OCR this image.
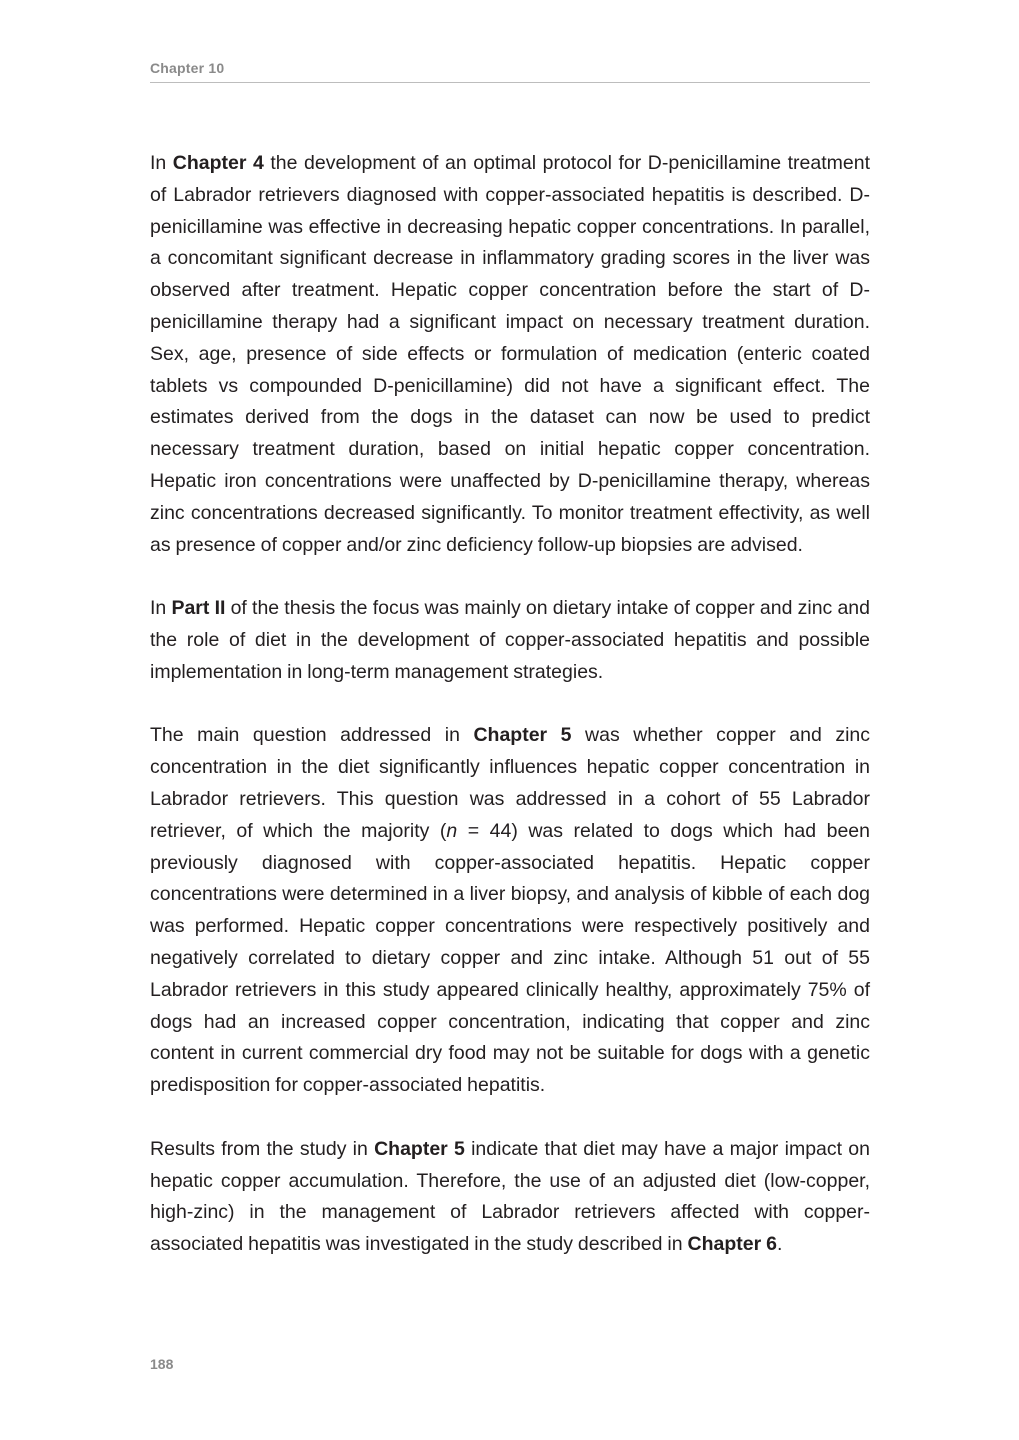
Chapter 10

In Chapter 4 the development of an optimal protocol for D-penicillamine treatment of Labrador retrievers diagnosed with copper-associated hepatitis is described. D-penicillamine was effective in decreasing hepatic copper concentrations. In parallel, a concomitant significant decrease in inflammatory grading scores in the liver was observed after treatment. Hepatic copper concentration before the start of D-penicillamine therapy had a significant impact on necessary treatment duration. Sex, age, presence of side effects or formulation of medication (enteric coated tablets vs compounded D-penicillamine) did not have a significant effect. The estimates derived from the dogs in the dataset can now be used to predict necessary treatment duration, based on initial hepatic copper concentration. Hepatic iron concentrations were unaffected by D-penicillamine therapy, whereas zinc concentrations decreased significantly. To monitor treatment effectivity, as well as presence of copper and/or zinc deficiency follow-up biopsies are advised.

In Part II of the thesis the focus was mainly on dietary intake of copper and zinc and the role of diet in the development of copper-associated hepatitis and possible implementation in long-term management strategies.

The main question addressed in Chapter 5 was whether copper and zinc concentration in the diet significantly influences hepatic copper concentration in Labrador retrievers. This question was addressed in a cohort of 55 Labrador retriever, of which the majority (n = 44) was related to dogs which had been previously diagnosed with copper-associated hepatitis. Hepatic copper concentrations were determined in a liver biopsy, and analysis of kibble of each dog was performed. Hepatic copper concentrations were respectively positively and negatively correlated to dietary copper and zinc intake. Although 51 out of 55 Labrador retrievers in this study appeared clinically healthy, approximately 75% of dogs had an increased copper concentration, indicating that copper and zinc content in current commercial dry food may not be suitable for dogs with a genetic predisposition for copper-associated hepatitis.

Results from the study in Chapter 5 indicate that diet may have a major impact on hepatic copper accumulation. Therefore, the use of an adjusted diet (low-copper, high-zinc) in the management of Labrador retrievers affected with copper-associated hepatitis was investigated in the study described in Chapter 6.

188
